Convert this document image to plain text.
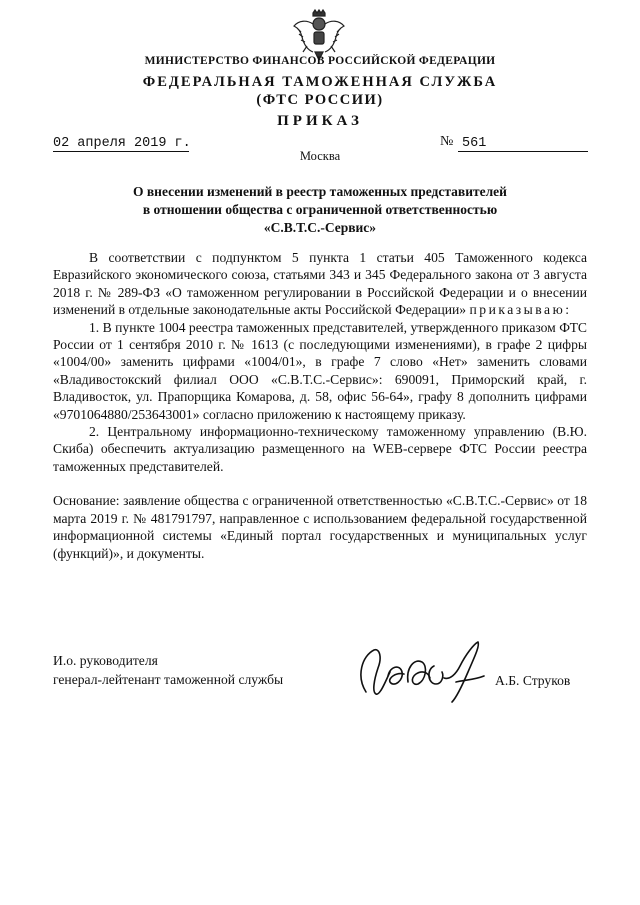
МИНИСТЕРСТВО ФИНАНСОВ РОССИЙСКОЙ ФЕДЕРАЦИИ
ФЕДЕРАЛЬНАЯ ТАМОЖЕННАЯ СЛУЖБА
(ФТС РОССИИ)
ПРИКАЗ
02 апреля 2019 г.	№ 561
Москва
О внесении изменений в реестр таможенных представителей
в отношении общества с ограниченной ответственностью
«С.В.Т.С.-Сервис»

В соответствии с подпунктом 5 пункта 1 статьи 405 Таможенного кодекса Евразийского экономического союза, статьями 343 и 345 Федерального закона от 3 августа 2018 г. № 289-ФЗ «О таможенном регулировании в Российской Федерации и о внесении изменений в отдельные законодательные акты Российской Федерации» приказываю:

1. В пункте 1004 реестра таможенных представителей, утвержденного приказом ФТС России от 1 сентября 2010 г. № 1613 (с последующими изменениями), в графе 2 цифры «1004/00» заменить цифрами «1004/01», в графе 7 слово «Нет» заменить словами «Владивостокский филиал ООО «С.В.Т.С.-Сервис»: 690091, Приморский край, г. Владивосток, ул. Прапорщика Комарова, д. 58, офис 56-64», графу 8 дополнить цифрами «9701064880/253643001» согласно приложению к настоящему приказу.

2. Центральному информационно-техническому таможенному управлению (В.Ю. Скиба) обеспечить актуализацию размещенного на WEB-сервере ФТС России реестра таможенных представителей.

Основание: заявление общества с ограниченной ответственностью «С.В.Т.С.-Сервис» от 18 марта 2019 г. № 481791797, направленное с использованием федеральной государственной информационной системы «Единый портал государственных и муниципальных услуг (функций)», и документы.

И.о. руководителя
генерал-лейтенант таможенной службы	А.Б. Струков
